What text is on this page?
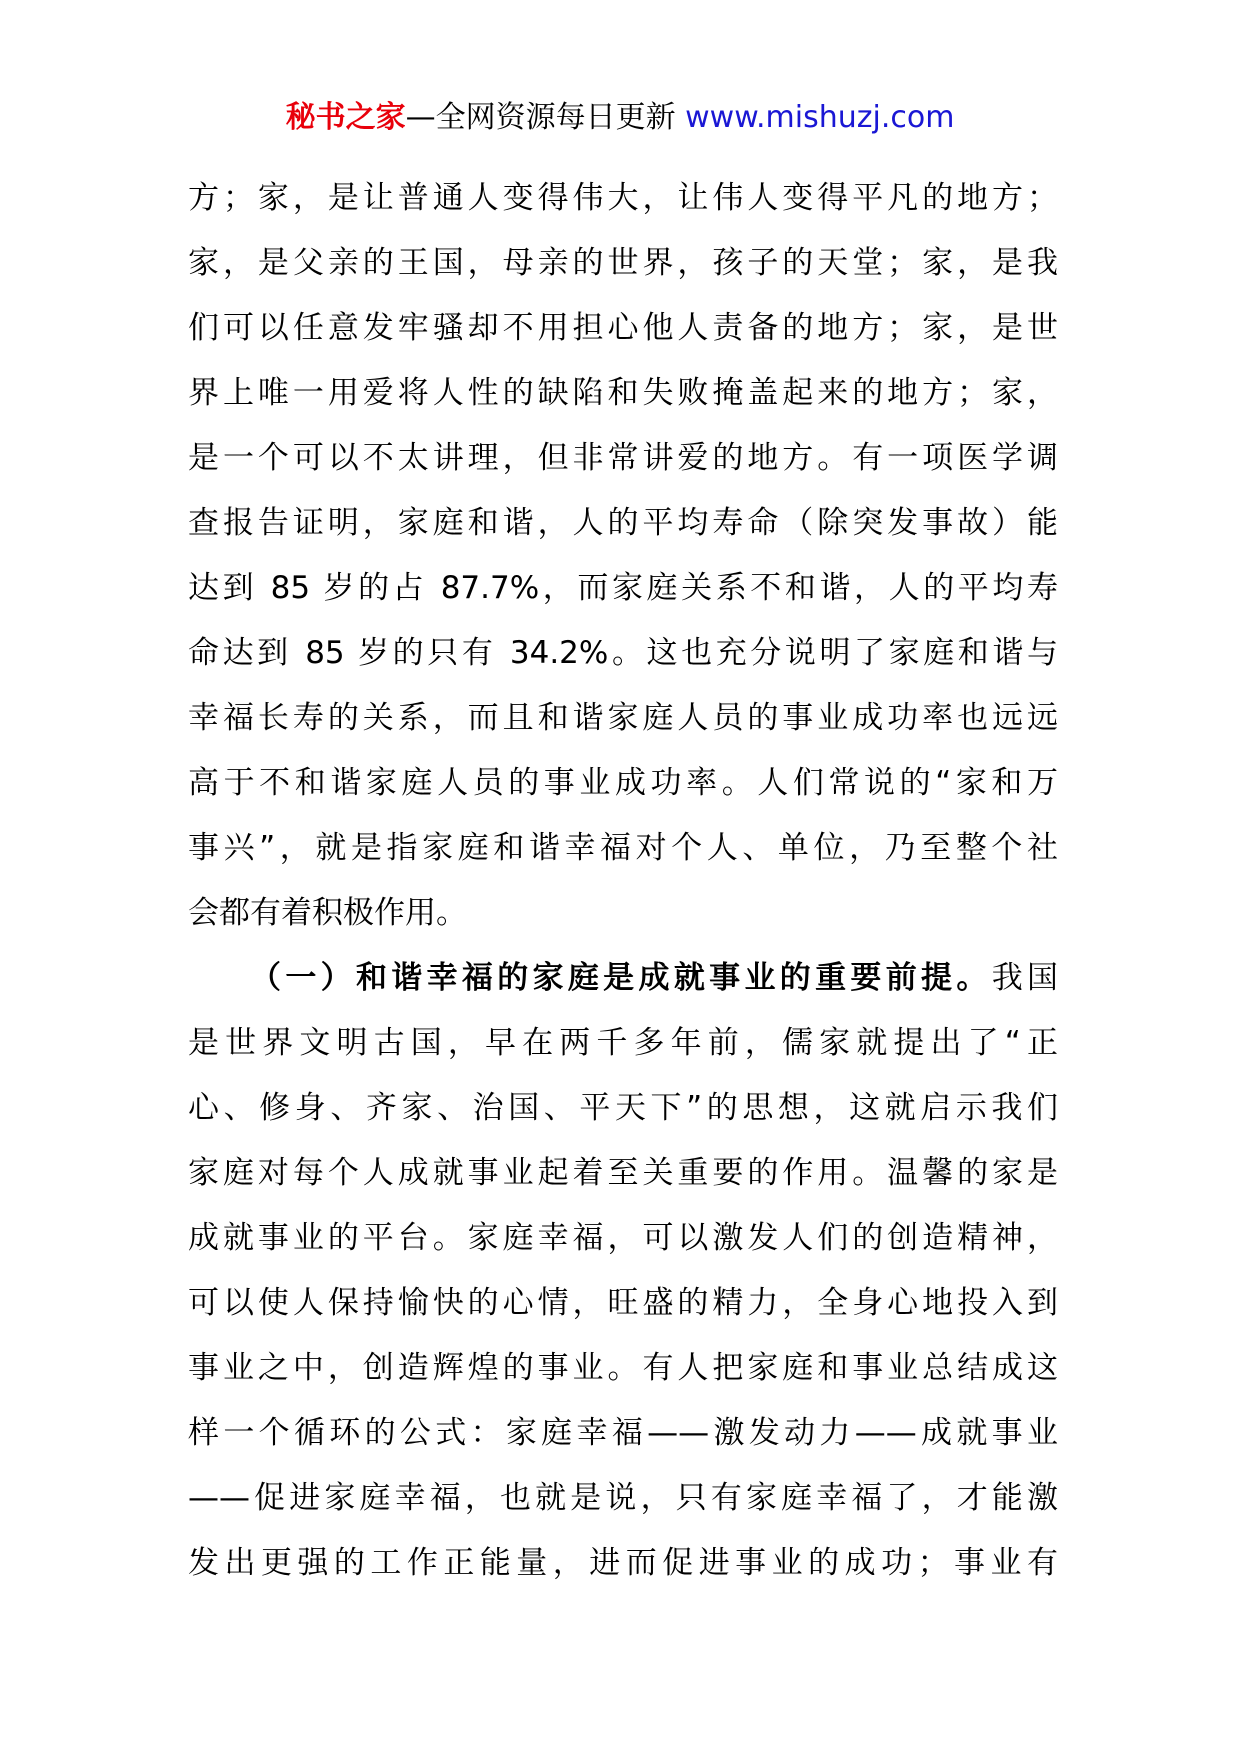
秘书之家—全网资源每日更新 www.mishuzj.com
方；家，是让普通人变得伟大，让伟人变得平凡的地方；
家，是父亲的王国，母亲的世界，孩子的天堂；家，是我
们可以任意发牢骚却不用担心他人责备的地方；家，是世
界上唯一用爱将人性的缺陷和失败掩盖起来的地方；家，
是一个可以不太讲理，但非常讲爱的地方。有一项医学调
查报告证明，家庭和谐，人的平均寿命（除突发事故）能
达到 85 岁的占 87.7%，而家庭关系不和谐，人的平均寿
命达到 85 岁的只有 34.2%。这也充分说明了家庭和谐与
幸福长寿的关系，而且和谐家庭人员的事业成功率也远远
高于不和谐家庭人员的事业成功率。人们常说的“家和万
事兴”，就是指家庭和谐幸福对个人、单位，乃至整个社
会都有着积极作用。
（一）和谐幸福的家庭是成就事业的重要前提。我国
是世界文明古国，早在两千多年前，儒家就提出了“正
心、修身、齐家、治国、平天下”的思想，这就启示我们
家庭对每个人成就事业起着至关重要的作用。温馨的家是
成就事业的平台。家庭幸福，可以激发人们的创造精神，
可以使人保持愉快的心情，旺盛的精力，全身心地投入到
事业之中，创造辉煌的事业。有人把家庭和事业总结成这
样一个循环的公式：家庭幸福——激发动力——成就事业
——促进家庭幸福，也就是说，只有家庭幸福了，才能激
发出更强的工作正能量，进而促进事业的成功；事业有
